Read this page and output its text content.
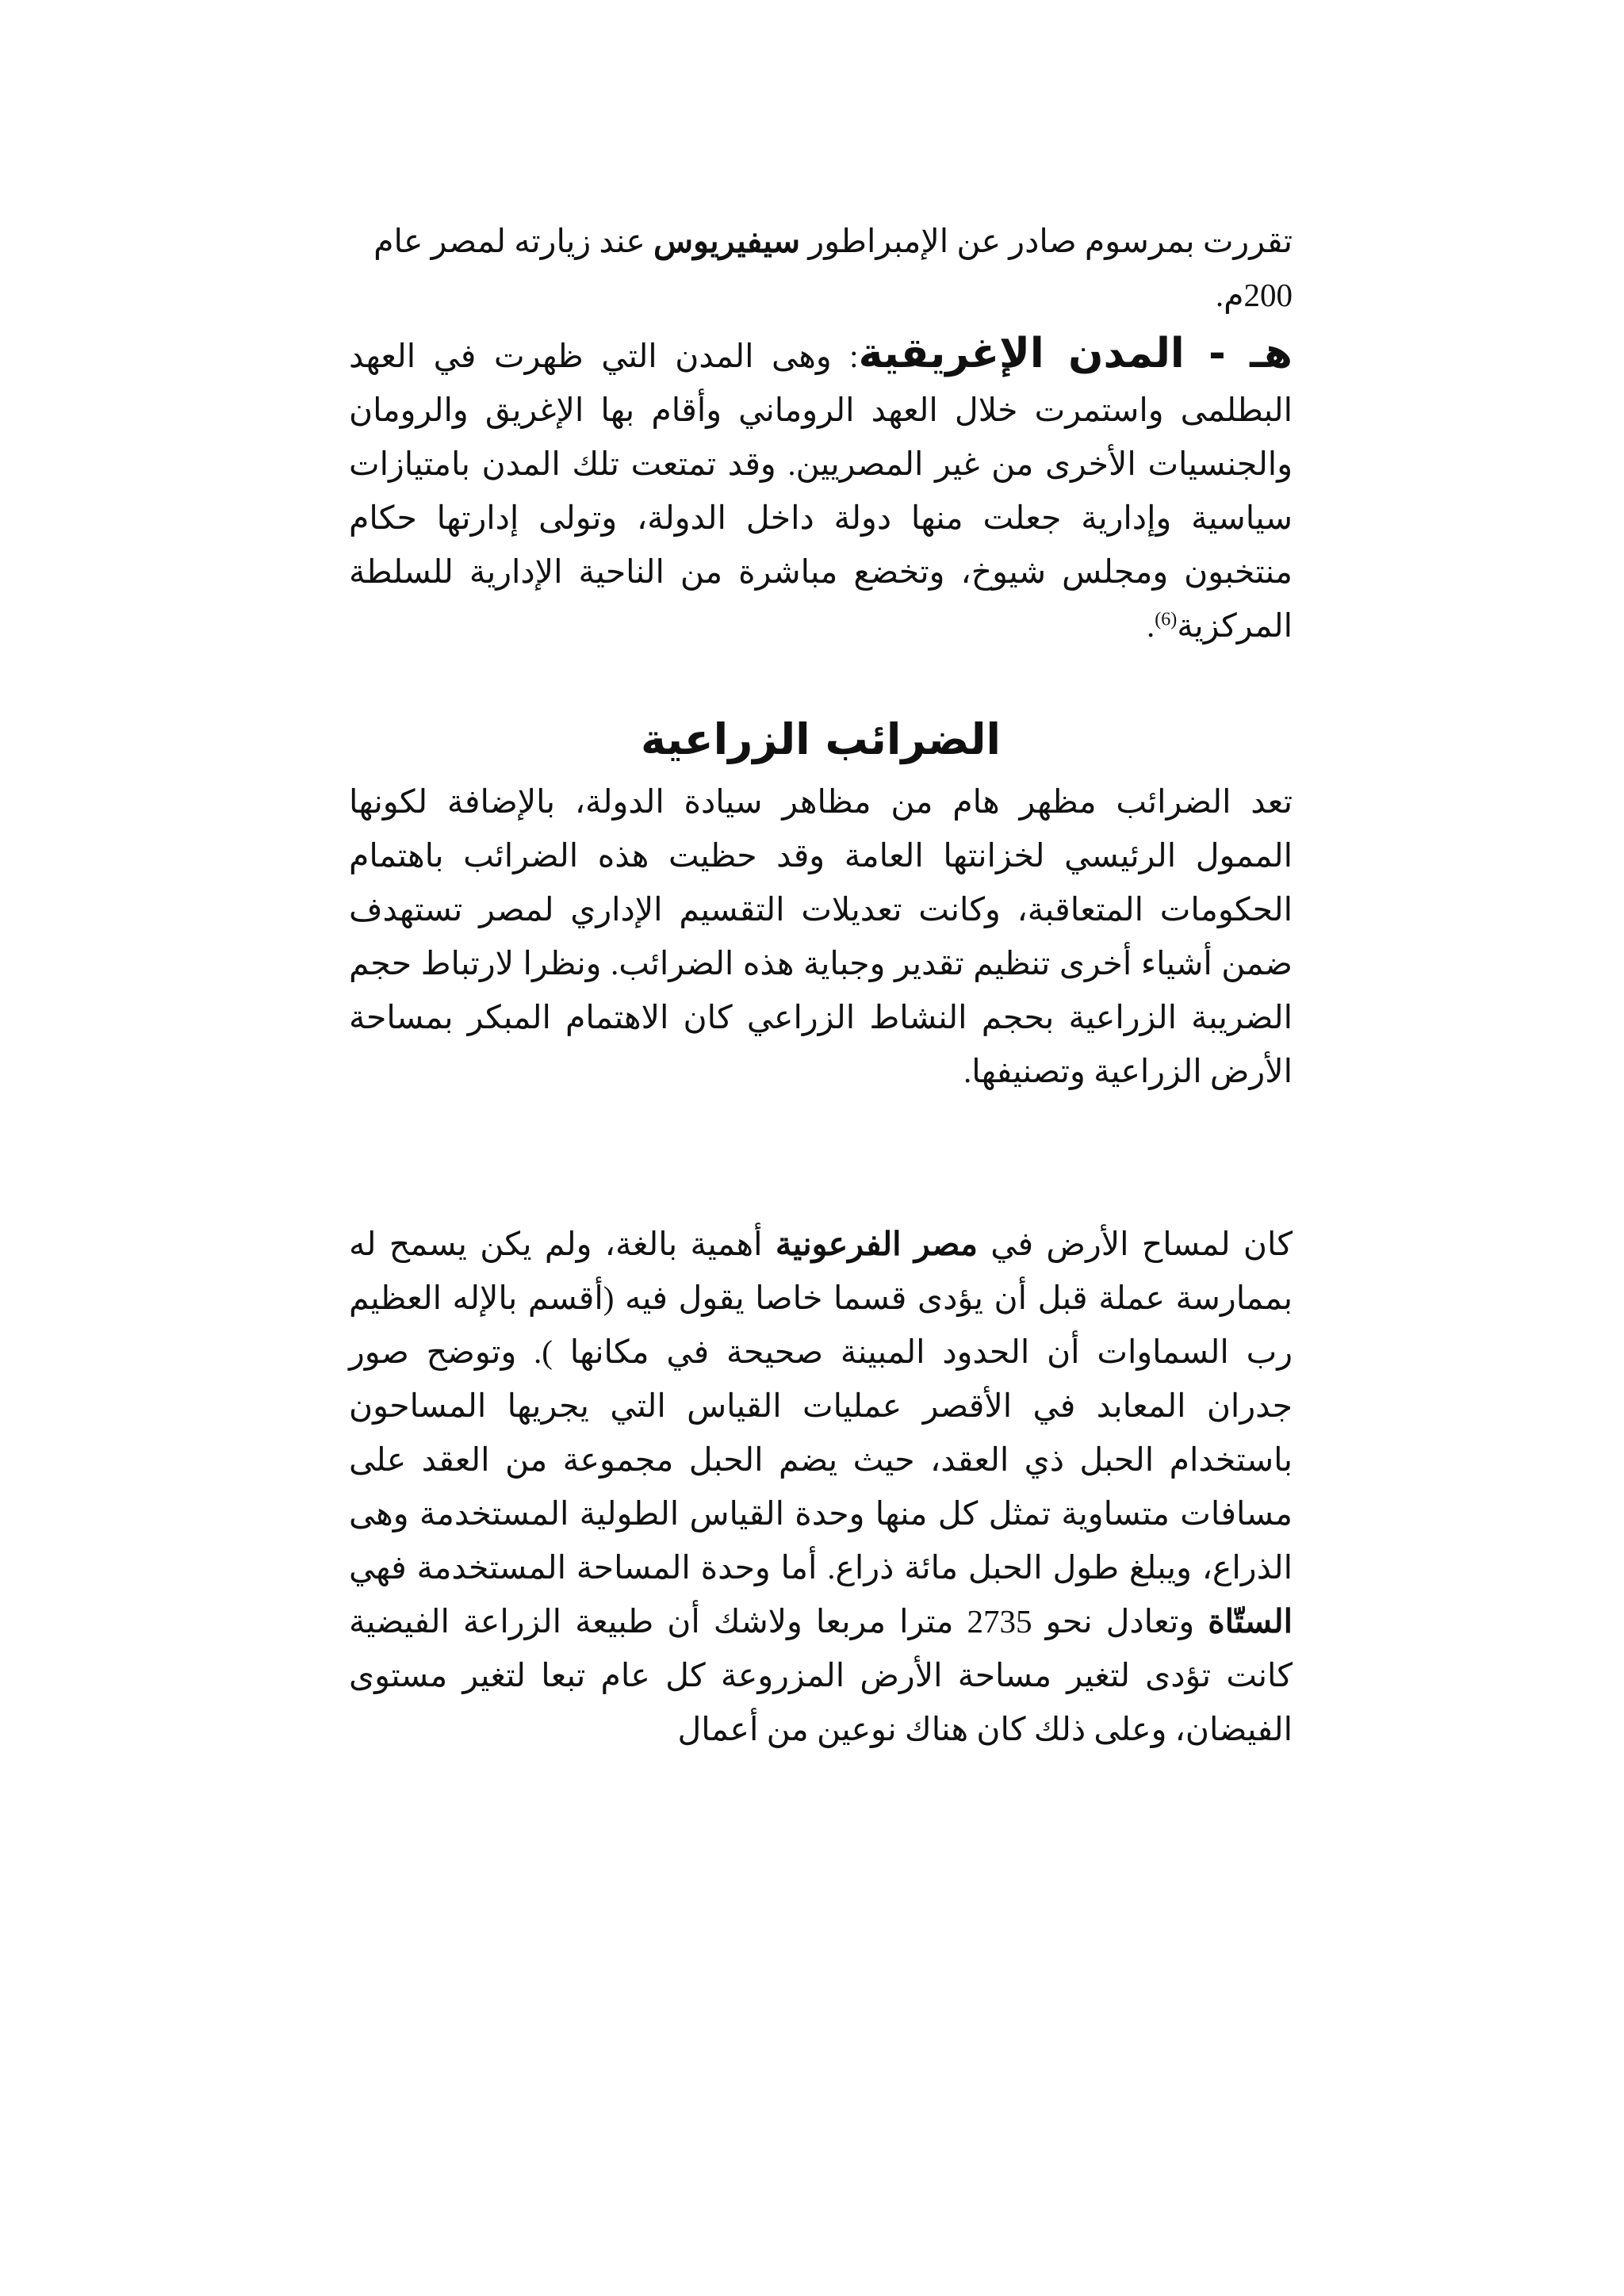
تقررت بمرسوم صادر عن الإمبراطور سيفيريوس عند زيارته لمصر عام
200م.

هـ - المدن الإغريقية: وهى المدن التي ظهرت في العهد البطلمى واستمرت خلال العهد الروماني وأقام بها الإغريق والرومان والجنسيات الأخرى من غير المصريين. وقد تمتعت تلك المدن بامتيازات سياسية وإدارية جعلت منها دولة داخل الدولة، وتولى إدارتها حكام منتخبون ومجلس شيوخ، وتخضع مباشرة من الناحية الإدارية للسلطة المركزية$^{(6)}$.

الضرائب الزراعية

تعد الضرائب مظهر هام من مظاهر سيادة الدولة، بالإضافة لكونها الممول الرئيسي لخزانتها العامة وقد حظيت هذه الضرائب باهتمام الحكومات المتعاقبة، وكانت تعديلات التقسيم الإداري لمصر تستهدف ضمن أشياء أخرى تنظيم تقدير وجباية هذه الضرائب. ونظرا لارتباط حجم الضريبة الزراعية بحجم النشاط الزراعي كان الاهتمام المبكر بمساحة الأرض الزراعية وتصنيفها.

كان لمساح الأرض في مصر الفرعونية أهمية بالغة، ولم يكن يسمح له بممارسة عملة قبل أن يؤدى قسما خاصا يقول فيه (أقسم بالإله العظيم رب السماوات أن الحدود المبينة صحيحة في مكانها ). وتوضح صور جدران المعابد في الأقصر عمليات القياس التي يجريها المساحون باستخدام الحبل ذي العقد، حيث يضم الحبل مجموعة من العقد على مسافات متساوية تمثل كل منها وحدة القياس الطولية المستخدمة وهى الذراع، ويبلغ طول الحبل مائة ذراع. أما وحدة المساحة المستخدمة فهي الستّاة وتعادل نحو 2735 مترا مربعا ولاشك أن طبيعة الزراعة الفيضية كانت تؤدى لتغير مساحة الأرض المزروعة كل عام تبعا لتغير مستوى الفيضان، وعلى ذلك كان هناك نوعين من أعمال
